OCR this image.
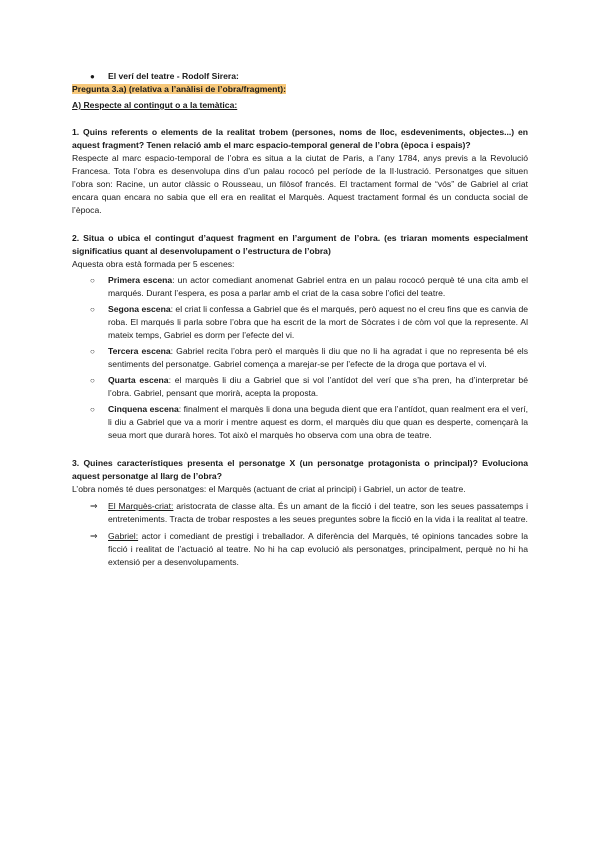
●	El verí del teatre - Rodolf Sirera:
Pregunta 3.a) (relativa a l’anàlisi de l’obra/fragment):

A) Respecte al contingut o a la temàtica:

1. Quins referents o elements de la realitat trobem (persones, noms de lloc, esdeveniments, objectes...) en aquest fragment? Tenen relació amb el marc espacio-temporal general de l’obra (època i espais)?

Respecte al marc espacio-temporal de l’obra es situa a la ciutat de Paris, a l’any 1784, anys previs a la Revolució Francesa. Tota l’obra es desenvolupa dins d’un palau rococó pel període de la Il·lustració. Personatges que situen l’obra son: Racine, un autor clàssic o Rousseau, un filòsof francés. El tractament formal de “vós” de Gabriel al criat encara quan encara no sabia que ell era en realitat el Marquès. Aquest tractament formal és un conducta social de l’època.

2. Situa o ubica el contingut d’aquest fragment en l’argument de l’obra. (es triaran moments especialment significatius quant al desenvolupament o l’estructura de l’obra)

Aquesta obra està formada per 5 escenes:

○ Primera escena: un actor comediant anomenat Gabriel entra en un palau rococó perquè té una cita amb el marqués. Durant l’espera, es posa a parlar amb el criat de la casa sobre l’ofici del teatre.
○ Segona escena: el criat li confessa a Gabriel que és el marqués, però aquest no el creu fins que es canvia de roba. El marqués li parla sobre l’obra que ha escrit de la mort de Sòcrates i de còm vol que la represente. Al mateix temps, Gabriel es dorm per l’efecte del vi.
○ Tercera escena: Gabriel recita l’obra però el marquès li diu que no li ha agradat i que no representa bé els sentiments del personatge. Gabriel comença a marejar-se per l’efecte de la droga que portava el vi.
○ Quarta escena: el marquès li diu a Gabriel que si vol l’antídot del verí que s’ha pren, ha d’interpretar bé l’obra. Gabriel, pensant que morirà, acepta la proposta.
○ Cinquena escena: finalment el marquès li dona una beguda dient que era l’antídot, quan realment era el verí, li diu a Gabriel que va a morir i mentre aquest es dorm, el marquès diu que quan es desperte, començarà la seua mort que durarà hores. Tot això el marquès ho observa com una obra de teatre.

3. Quines característiques presenta el personatge X (un personatge protagonista o principal)? Evoluciona aquest personatge al llarg de l’obra?

L’obra només té dues personatges: el Marquès (actuant de criat al principi) i Gabriel, un actor de teatre.

⇒ El Marquès-criat: aristocrata de classe alta. És un amant de la ficció i del teatre, son les seues passatemps i entreteniments. Tracta de trobar respostes a les seues preguntes sobre la ficció en la vida i la realitat al teatre.
⇒ Gabriel: actor i comediant de prestigi i treballador. A diferència del Marquès, té opinions tancades sobre la ficció i realitat de l’actuació al teatre. No hi ha cap evolució als personatges, principalment, perquè no hi ha extensió per a desenvolupaments.
